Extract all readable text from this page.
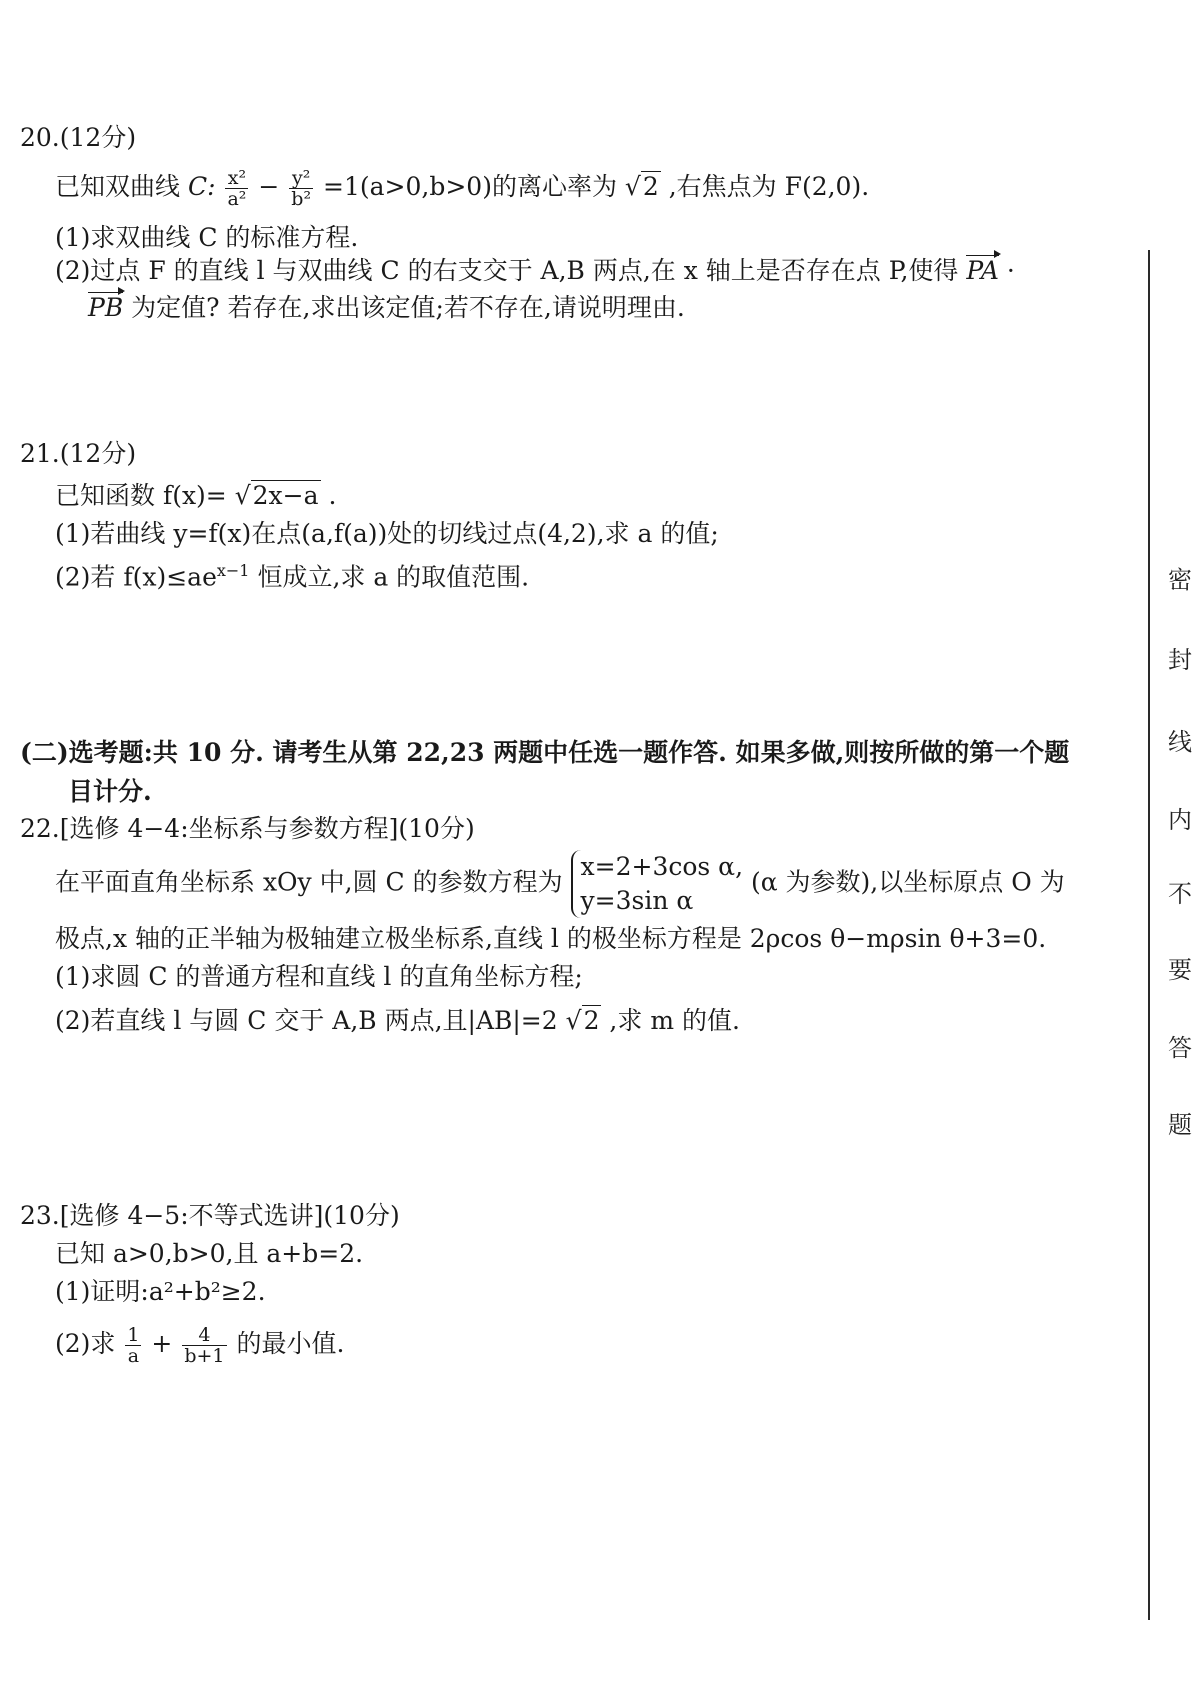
20.(12分)
已知双曲线 C: $\frac{\text{x²}}{\text{a²}} - \frac{\text{y²}}{\text{b²}} =1(a>0,b>0)$的离心率为 √2 ,右焦点为 F(2,0).
(1)求双曲线 C 的标准方程.
(2)过点 F 的直线 l 与双曲线 C 的右支交于 A,B 两点,在 x 轴上是否存在点 P,使得 PA ·
PB 为定值? 若存在,求出该定值;若不存在,请说明理由.
21.(12分)
已知函数 f(x)= √2x−a .
(1)若曲线 y=f(x)在点(a,f(a))处的切线过点(4,2),求 a 的值;
(2)若 $f(x)\le ae^{x-1}$ 恒成立,求 a 的取值范围.
(二)选考题:共 10 分. 请考生从第 22,23 两题中任选一题作答. 如果多做,则按所做的第一个题
目计分.
22.[选修 4−4:坐标系与参数方程](10分)
在平面直角坐标系 xOy 中,圆 C 的参数方程为
x=2+3cos α,
y=3sin α
(α 为参数),以坐标原点 O 为
极点,x 轴的正半轴为极轴建立极坐标系,直线 l 的极坐标方程是 2ρcos θ−mρsin θ+3=0.
(1)求圆 C 的普通方程和直线 l 的直角坐标方程;
(2)若直线 l 与圆 C 交于 A,B 两点,且|AB|=2 √2 ,求 m 的值.
23.[选修 4−5:不等式选讲](10分)
已知 a>0,b>0,且 a+b=2.
(1)证明:a²+b²≥2.
(2)求 $\frac{1}{a} + \frac{4}{b+1}$ 的最小值.
密
封
线
内
不
要
答
题
